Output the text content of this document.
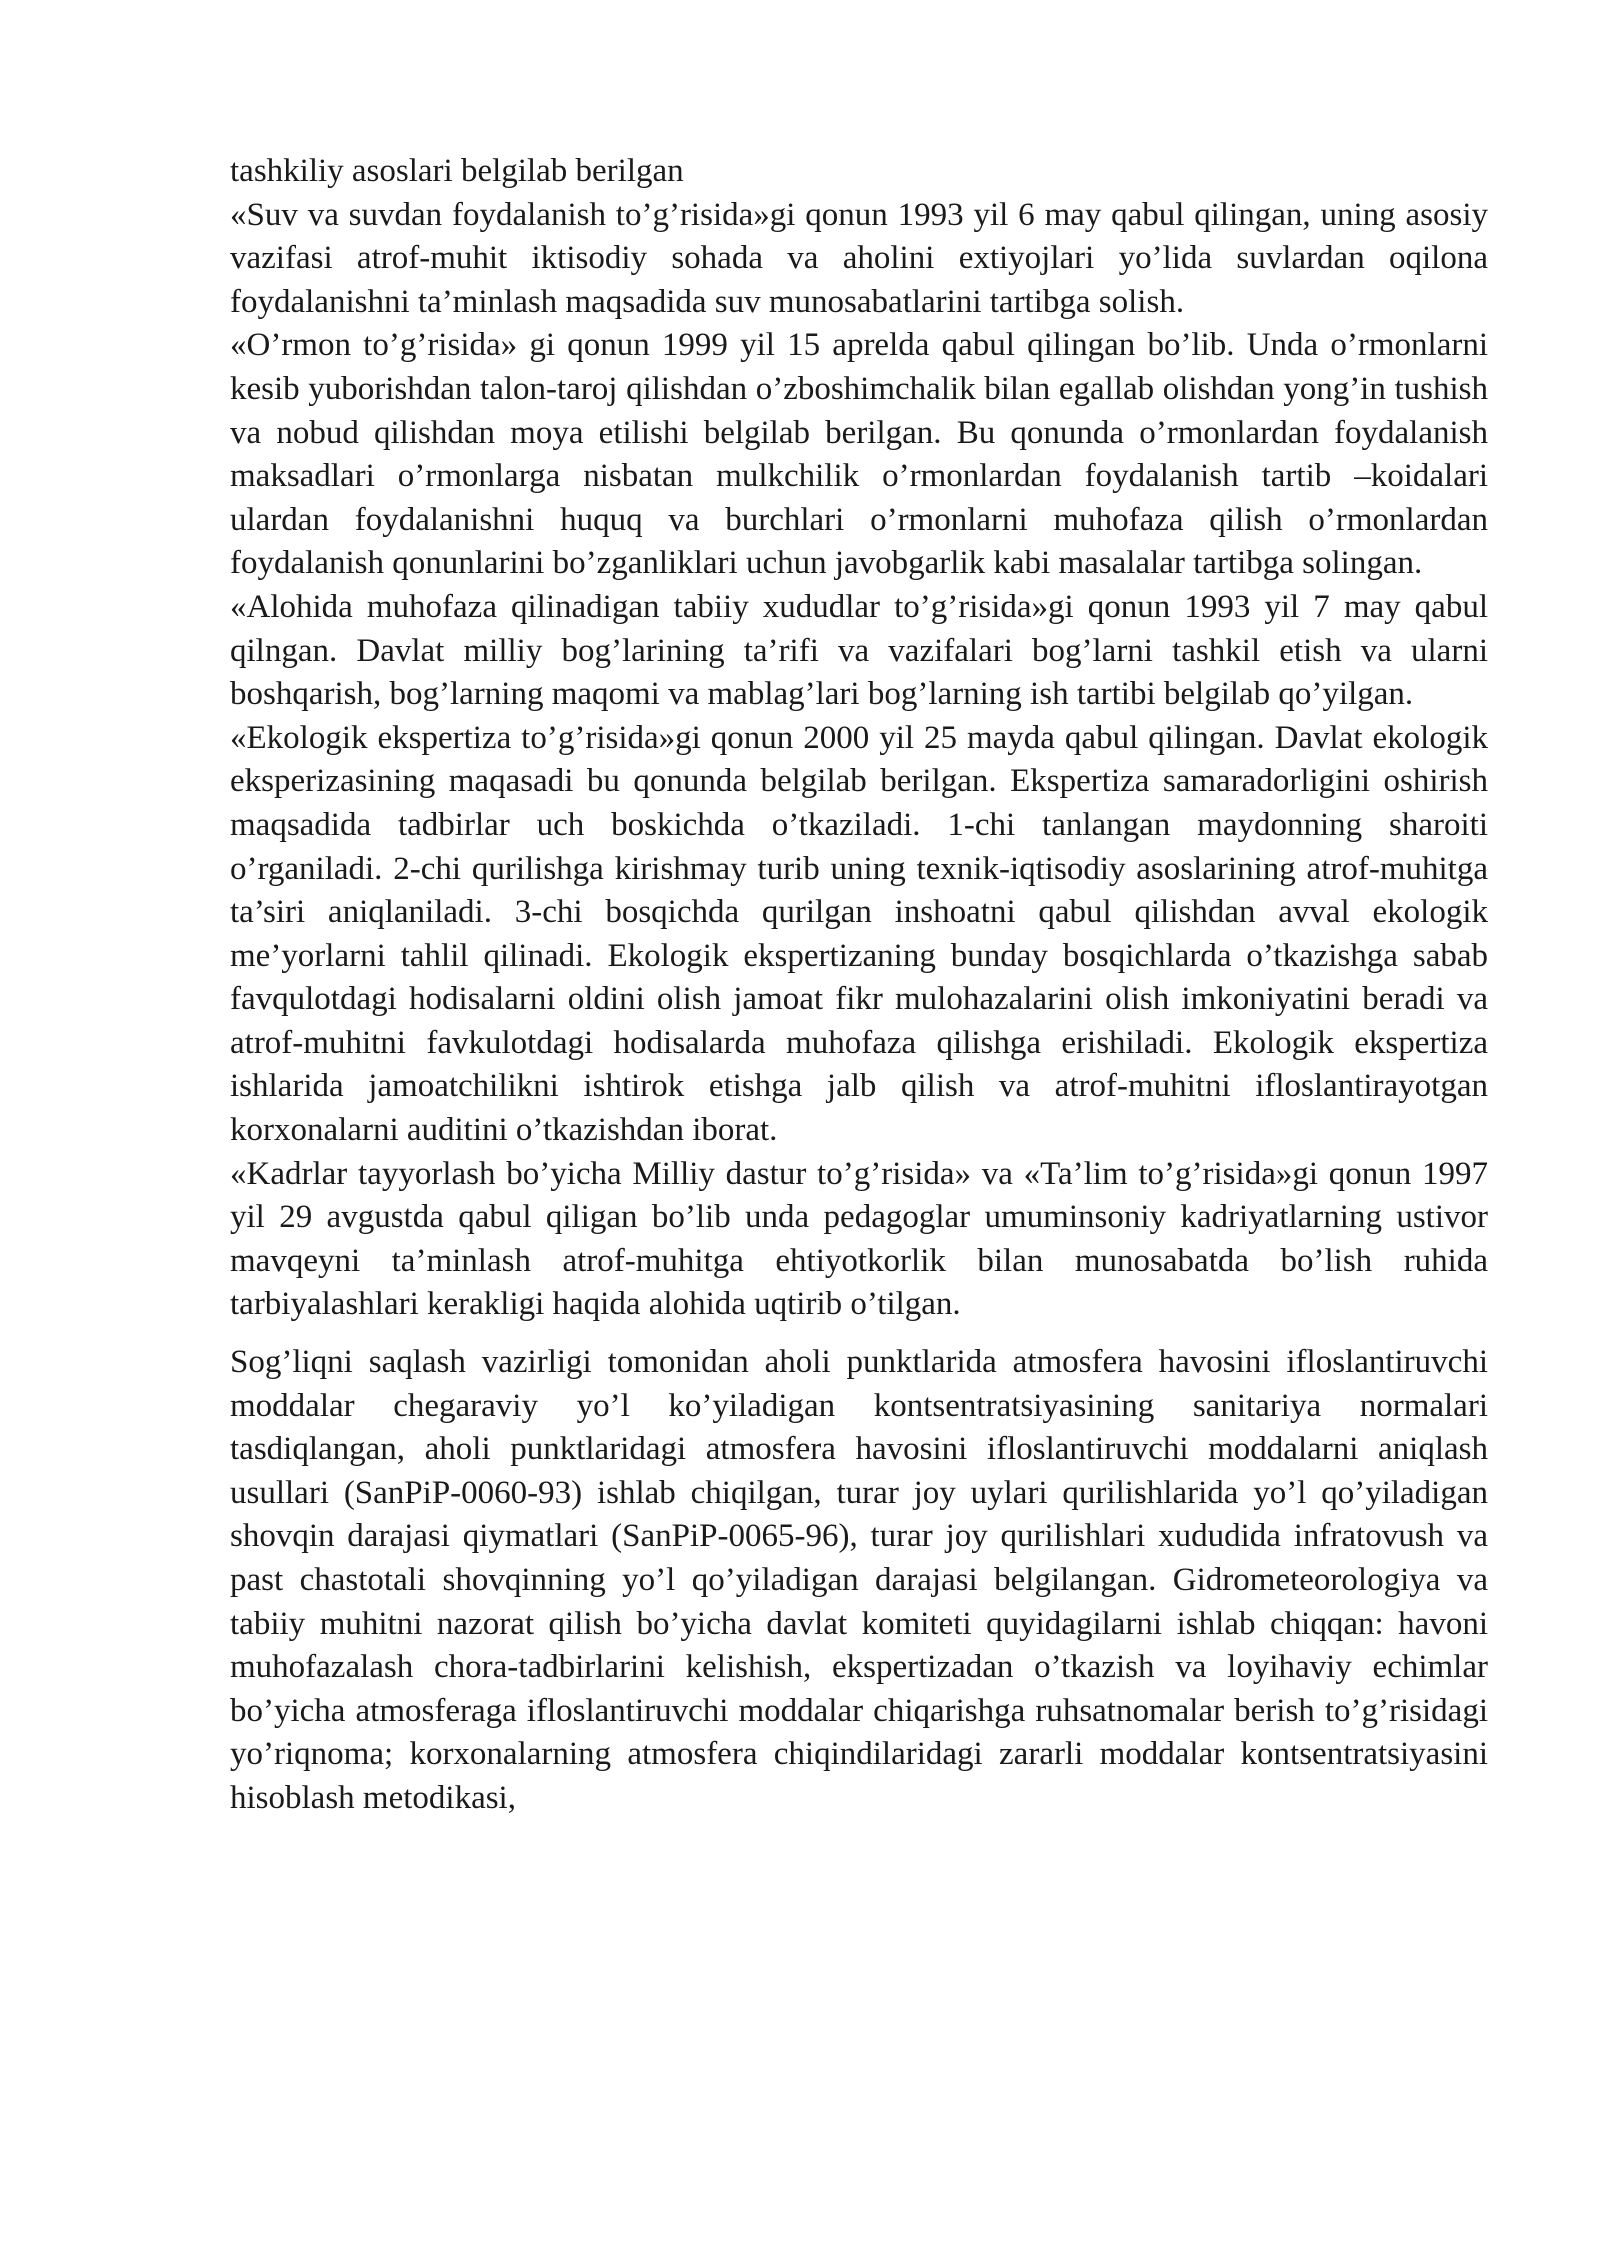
tashkiliy asoslari belgilab berilgan

«Suv va suvdan foydalanish to’g’risida»gi qonun 1993 yil 6 may qabul qilingan, uning asosiy vazifasi atrof-muhit iktisodiy sohada va aholini extiyojlari yo’lida suvlardan oqilona foydalanishni ta’minlash maqsadida suv munosabatlarini tartibga solish.

«O’rmon to’g’risida» gi qonun 1999 yil 15 aprelda qabul qilingan bo’lib. Unda o’rmonlarni kesib yuborishdan talon-taroj qilishdan o’zboshimchalik bilan egallab olishdan yong’in tushish va nobud qilishdan moya etilishi belgilab berilgan. Bu qonunda o’rmonlardan foydalanish maksadlari o’rmonlarga nisbatan mulkchilik o’rmonlardan foydalanish tartib –koidalari ulardan foydalanishni huquq va burchlari o’rmonlarni muhofaza qilish o’rmonlardan foydalanish qonunlarini bo’zganliklari uchun javobgarlik kabi masalalar tartibga solingan.

«Alohida muhofaza qilinadigan tabiiy xududlar to’g’risida»gi qonun 1993 yil 7 may qabul qilngan. Davlat milliy bog’larining ta’rifi va vazifalari bog’larni tashkil etish va ularni boshqarish, bog’larning maqomi va mablag’lari bog’larning ish tartibi belgilab qo’yilgan.

«Ekologik ekspertiza to’g’risida»gi qonun 2000 yil 25 mayda qabul qilingan. Davlat ekologik eksperizasining maqasadi bu qonunda belgilab berilgan. Ekspertiza samaradorligini oshirish maqsadida tadbirlar uch boskichda o’tkaziladi. 1-chi tanlangan maydonning sharoiti o’rganiladi. 2-chi qurilishga kirishmay turib uning texnik-iqtisodiy asoslarining atrof-muhitga ta’siri aniqlaniladi. 3-chi bosqichda qurilgan inshoatni qabul qilishdan avval ekologik me’yorlarni tahlil qilinadi. Ekologik ekspertizaning bunday bosqichlarda o’tkazishga sabab favqulotdagi hodisalarni oldini olish jamoat fikr mulohazalarini olish imkoniyatini beradi va atrof-muhitni favkulotdagi hodisalarda muhofaza qilishga erishiladi. Ekologik ekspertiza ishlarida jamoatchilikni ishtirok etishga jalb qilish va atrof-muhitni ifloslantirayotgan korxonalarni auditini o’tkazishdan iborat.

«Kadrlar tayyorlash bo’yicha Milliy dastur to’g’risida» va «Ta’lim to’g’risida»gi qonun 1997 yil 29 avgustda qabul qiligan bo’lib unda pedagoglar umuminsoniy kadriyatlarning ustivor mavqeyni ta’minlash atrof-muhitga ehtiyotkorlik bilan munosabatda bo’lish ruhida tarbiyalashlari kerakligi haqida alohida uqtirib o’tilgan.

Sog’liqni saqlash vazirligi tomonidan aholi punktlarida atmosfera havosini ifloslantiruvchi moddalar chegaraviy yo’l ko’yiladigan kontsentratsiyasining sanitariya normalari tasdiqlangan, aholi punktlaridagi atmosfera havosini ifloslantiruvchi moddalarni aniqlash usullari (SanPiP-0060-93) ishlab chiqilgan, turar joy uylari qurilishlarida yo’l qo’yiladigan shovqin darajasi qiymatlari (SanPiP-0065-96), turar joy qurilishlari xududida infratovush va past chastotali shovqinning yo’l qo’yiladigan darajasi belgilangan. Gidrometeorologiya va tabiiy muhitni nazorat qilish bo’yicha davlat komiteti quyidagilarni ishlab chiqqan: havoni muhofazalash chora-tadbirlarini kelishish, ekspertizadan o’tkazish va loyihaviy echimlar bo’yicha atmosferaga ifloslantiruvchi moddalar chiqarishga ruhsatnomalar berish to’g’risidagi yo’riqnoma; korxonalarning atmosfera chiqindilaridagi zararli moddalar kontsentratsiyasini hisoblash metodikasi,
